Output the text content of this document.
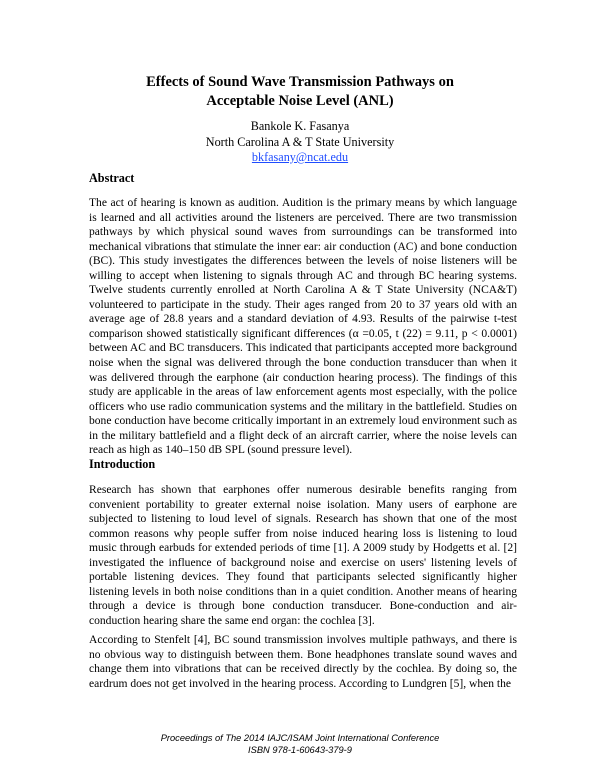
Effects of Sound Wave Transmission Pathways on
Acceptable Noise Level (ANL)
Bankole K. Fasanya
North Carolina A & T State University
bkfasany@ncat.edu
Abstract

The act of hearing is known as audition. Audition is the primary means by which language is learned and all activities around the listeners are perceived. There are two transmission pathways by which physical sound waves from surroundings can be transformed into mechanical vibrations that stimulate the inner ear: air conduction (AC) and bone conduction (BC). This study investigates the differences between the levels of noise listeners will be willing to accept when listening to signals through AC and through BC hearing systems. Twelve students currently enrolled at North Carolina A & T State University (NCA&T) volunteered to participate in the study. Their ages ranged from 20 to 37 years old with an average age of 28.8 years and a standard deviation of 4.93. Results of the pairwise t-test comparison showed statistically significant differences (α =0.05, t (22) = 9.11, p < 0.0001) between AC and BC transducers. This indicated that participants accepted more background noise when the signal was delivered through the bone conduction transducer than when it was delivered through the earphone (air conduction hearing process). The findings of this study are applicable in the areas of law enforcement agents most especially, with the police officers who use radio communication systems and the military in the battlefield. Studies on bone conduction have become critically important in an extremely loud environment such as in the military battlefield and a flight deck of an aircraft carrier, where the noise levels can reach as high as 140–150 dB SPL (sound pressure level).

Introduction

Research has shown that earphones offer numerous desirable benefits ranging from convenient portability to greater external noise isolation. Many users of earphone are subjected to listening to loud level of signals. Research has shown that one of the most common reasons why people suffer from noise induced hearing loss is listening to loud music through earbuds for extended periods of time [1]. A 2009 study by Hodgetts et al. [2] investigated the influence of background noise and exercise on users' listening levels of portable listening devices. They found that participants selected significantly higher listening levels in both noise conditions than in a quiet condition. Another means of hearing through a device is through bone conduction transducer. Bone-conduction and air-conduction hearing share the same end organ: the cochlea [3].

According to Stenfelt [4], BC sound transmission involves multiple pathways, and there is no obvious way to distinguish between them. Bone headphones translate sound waves and change them into vibrations that can be received directly by the cochlea. By doing so, the eardrum does not get involved in the hearing process. According to Lundgren [5], when the

Proceedings of The 2014 IAJC/ISAM Joint International Conference
ISBN 978-1-60643-379-9
